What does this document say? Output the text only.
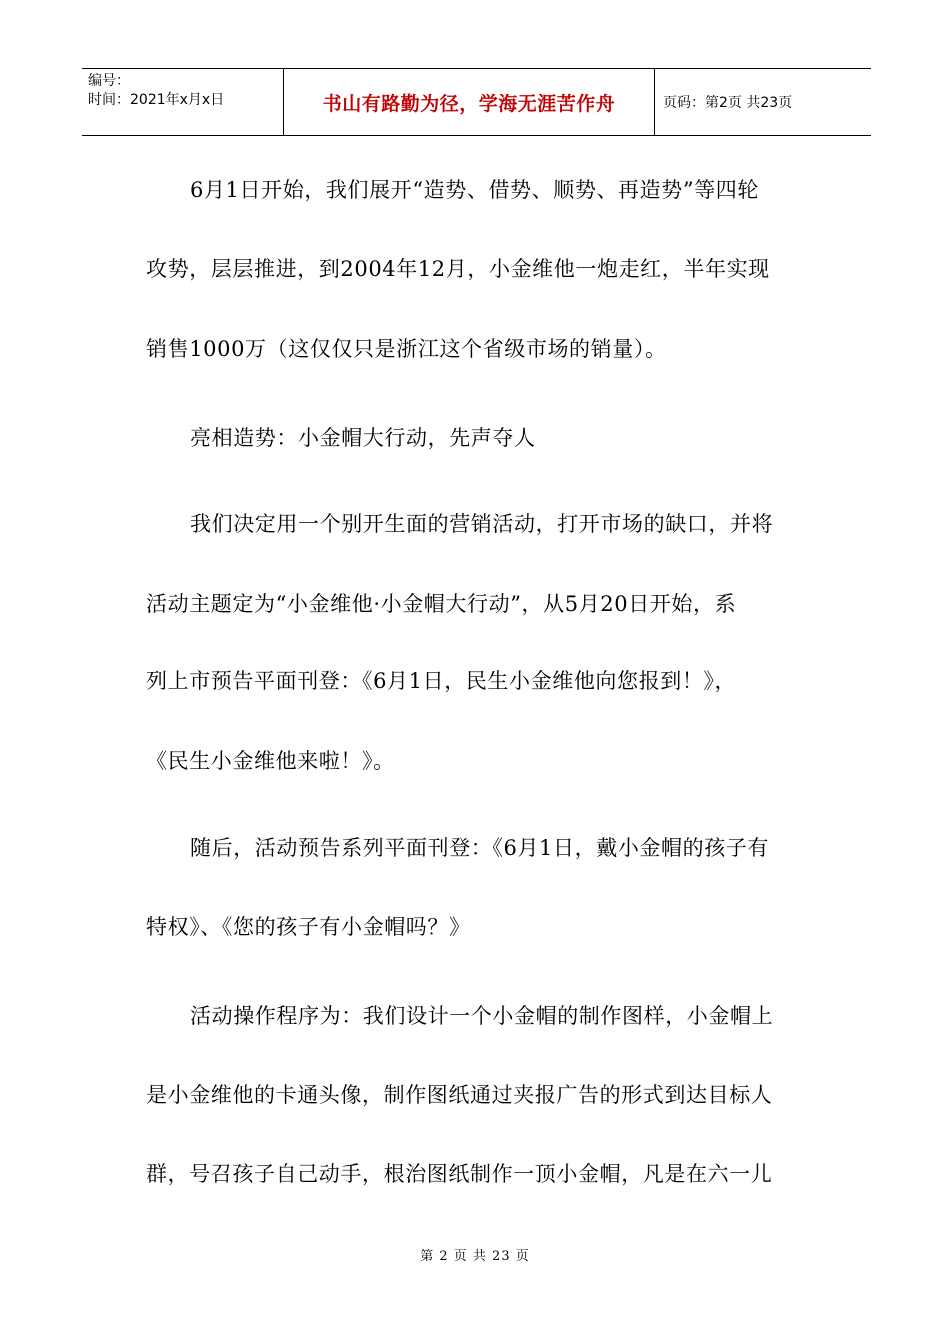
编号：
时间：2021年x月x日	书山有路勤为径，学海无涯苦作舟	页码：第2页 共23页
6月1日开始，我们展开“造势、借势、顺势、再造势”等四轮
攻势，层层推进，到2004年12月，小金维他一炮走红，半年实现
销售1000万（这仅仅只是浙江这个省级市场的销量）。
亮相造势：小金帽大行动，先声夺人
我们决定用一个别开生面的营销活动，打开市场的缺口，并将
活动主题定为“小金维他·小金帽大行动”，从5月20日开始，系
列上市预告平面刊登：《6月1日，民生小金维他向您报到！》，
《民生小金维他来啦！》。
随后，活动预告系列平面刊登：《6月1日，戴小金帽的孩子有
特权》、《您的孩子有小金帽吗？》
活动操作程序为：我们设计一个小金帽的制作图样，小金帽上
是小金维他的卡通头像，制作图纸通过夹报广告的形式到达目标人
群，号召孩子自己动手，根治图纸制作一顶小金帽，凡是在六一儿
第 2 页 共 23 页
